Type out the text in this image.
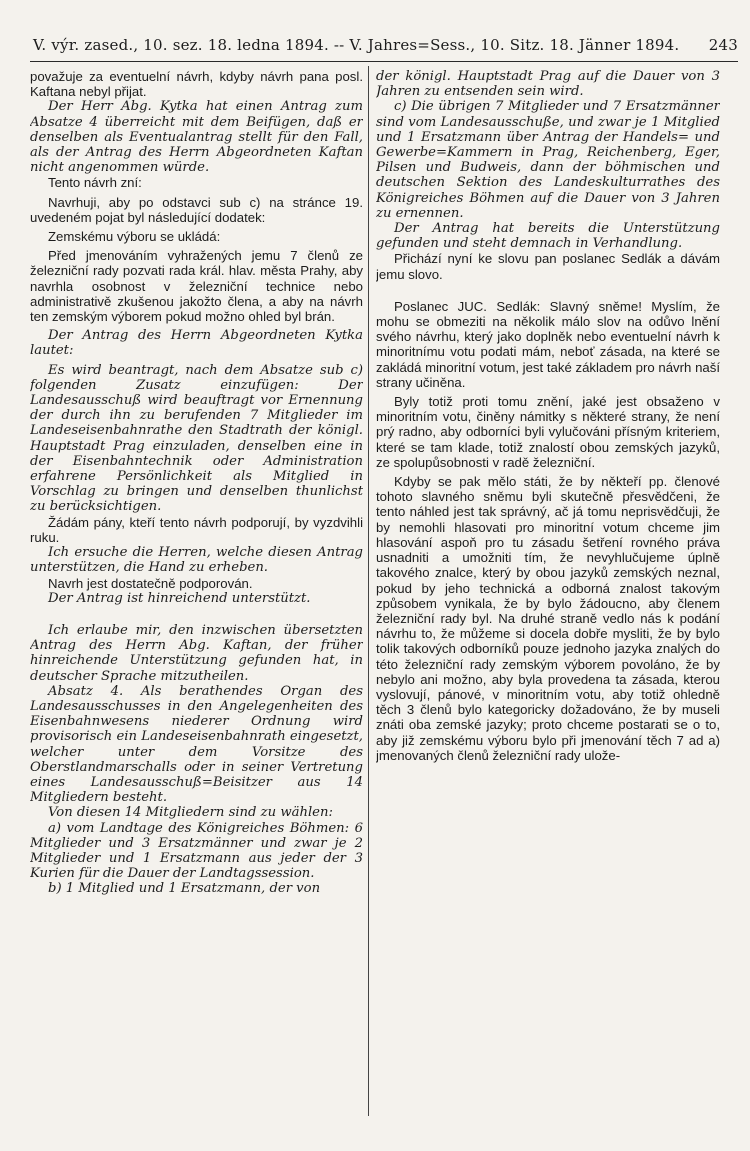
V. výr. zased., 10. sez. 18. ledna 1894. -- V. Jahres=Sess., 10. Sitz. 18. Jänner 1894. 243

považuje za eventuelní návrh, kdyby návrh pana posl. Kaftana nebyl přijat.

Der Herr Abg. Kytka hat einen Antrag zum Absatze 4 überreicht mit dem Beifügen, daß er denselben als Eventualantrag stellt für den Fall, als der Antrag des Herrn Abgeordneten Kaftan nicht angenommen würde.

Tento návrh zní:

Navrhuji, aby po odstavci sub c) na stránce 19. uvedeném pojat byl následující dodatek:

Zemskému výboru se ukládá:

Před jmenováním vyhražených jemu 7 členů ze železniční rady pozvati rada král. hlav. města Prahy, aby navrhla osobnost v železniční technice nebo administrativě zkušenou jakožto člena, a aby na návrh ten zemským výborem pokud možno ohled byl brán.

Der Antrag des Herrn Abgeordneten Kytka lautet:

Es wird beantragt, nach dem Absatze sub c) folgenden Zusatz einzufügen: Der Landesausschuß wird beauftragt vor Ernennung der durch ihn zu berufenden 7 Mitglieder im Landeseisenbahnrathe den Stadtrath der königl. Hauptstadt Prag einzuladen, denselben eine in der Eisenbahntechnik oder Administration erfahrene Persönlichkeit als Mitglied in Vorschlag zu bringen und denselben thunlichst zu berücksichtigen.

Žádám pány, kteří tento návrh podporují, by vyzdvihli ruku.

Ich ersuche die Herren, welche diesen Antrag unterstützen, die Hand zu erheben.

Navrh jest dostatečně podporován.

Der Antrag ist hinreichend unterstützt.

Ich erlaube mir, den inzwischen übersetzten Antrag des Herrn Abg. Kaftan, der früher hinreichende Unterstützung gefunden hat, in deutscher Sprache mitzutheilen.

Absatz 4. Als berathendes Organ des Landesausschusses in den Angelegenheiten des Eisenbahnwesens niederer Ordnung wird provisorisch ein Landeseisenbahnrath eingesetzt, welcher unter dem Vorsitze des Oberstlandmarschalls oder in seiner Vertretung eines Landesausschuß=Beisitzer aus 14 Mitgliedern besteht.

Von diesen 14 Mitgliedern sind zu wählen:

a) vom Landtage des Königreiches Böhmen: 6 Mitglieder und 3 Ersatzmänner und zwar je 2 Mitglieder und 1 Ersatzmann aus jeder der 3 Kurien für die Dauer der Landtagssession.

b) 1 Mitglied und 1 Ersatzmann, der von

der königl. Hauptstadt Prag auf die Dauer von 3 Jahren zu entsenden sein wird.

c) Die übrigen 7 Mitglieder und 7 Ersatzmänner sind vom Landesausschuße, und zwar je 1 Mitglied und 1 Ersatzmann über Antrag der Handels= und Gewerbe=Kammern in Prag, Reichenberg, Eger, Pilsen und Budweis, dann der böhmischen und deutschen Sektion des Landeskulturrathes des Königreiches Böhmen auf die Dauer von 3 Jahren zu ernennen.

Der Antrag hat bereits die Unterstützung gefunden und steht demnach in Verhandlung.

Přichází nyní ke slovu pan poslanec Sedlák a dávám jemu slovo.

Poslanec JUC. Sedlák: Slavný sněme! Myslím, že mohu se obmeziti na několik málo slov na odůvo lnění svého návrhu, který jako doplněk nebo eventuelní návrh k minoritnímu votu podati mám, neboť zásada, na které se zakládá minoritní votum, jest také základem pro návrh naší strany učiněna.

Byly totiž proti tomu znění, jaké jest obsaženo v minoritním votu, činěny námitky s některé strany, že není prý radno, aby odborníci byli vylučováni přísným kriteriem, které se tam klade, totiž znalostí obou zemských jazyků, ze spolupůsobnosti v radě železniční.

Kdyby se pak mělo státi, že by někteří pp. členové tohoto slavného sněmu byli skutečně přesvědčeni, že tento náhled jest tak správný, ač já tomu neprisvědčuji, že by nemohli hlasovati pro minoritní votum chceme jim hlasování aspoň pro tu zásadu šetření rovného práva usnadniti a umožniti tím, že nevyhlučujeme úplně takového znalce, který by obou jazyků zemských neznal, pokud by jeho technická a odborná znalost takovým způsobem vynikala, že by bylo žádoucno, aby členem železniční rady byl. Na druhé straně vedlo nás k podání návrhu to, že můžeme si docela dobře mysliti, že by bylo tolik takových odborníků pouze jednoho jazyka znalých do této železniční rady zemským výborem povoláno, že by nebylo ani možno, aby byla provedena ta zásada, kterou vyslovují, pánové, v minoritním votu, aby totiž ohledně těch 3 členů bylo kategoricky dožadováno, že by museli znáti oba zemské jazyky; proto chceme postarati se o to, aby již zemskému výboru bylo při jmenování těch 7 ad a) jmenovaných členů železniční rady ulože-
